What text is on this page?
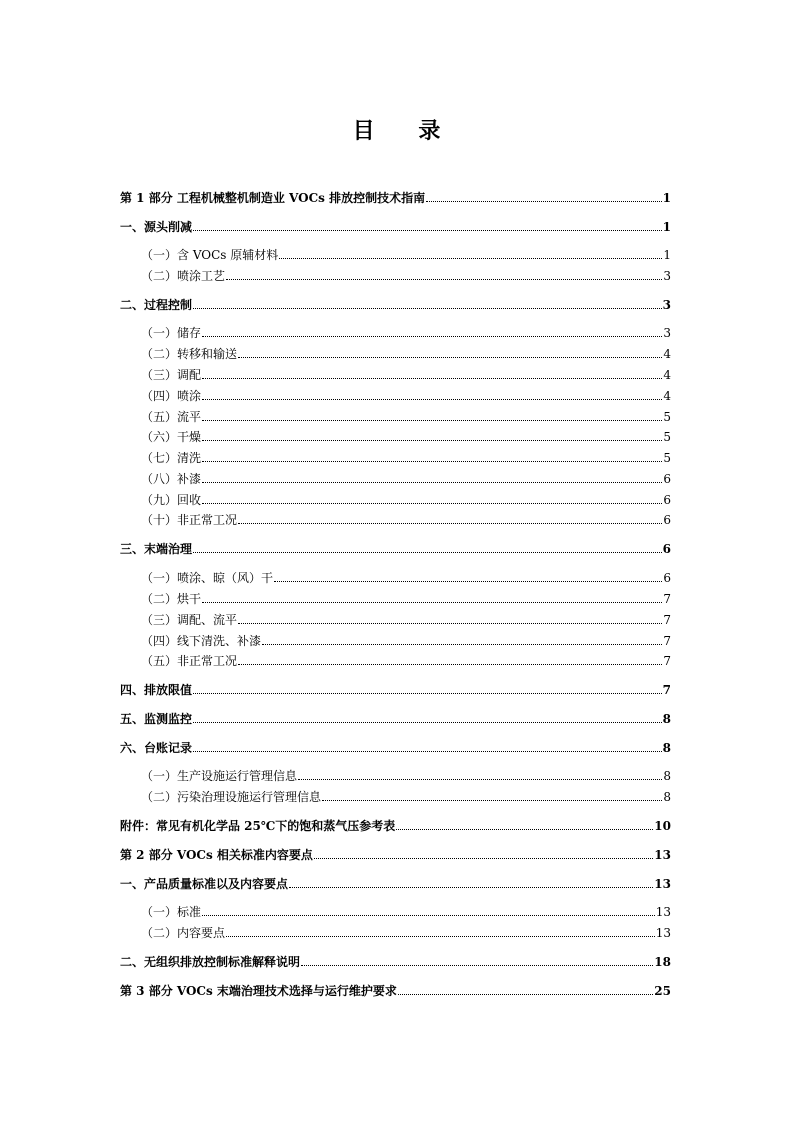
目 录
第 1 部分 工程机械整机制造业 VOCs 排放控制技术指南	1
一、源头削减	1
（一）含 VOCs 原辅材料	1
（二）喷涂工艺	3
二、过程控制	3
（一）储存	3
（二）转移和输送	4
（三）调配	4
（四）喷涂	4
（五）流平	5
（六）干燥	5
（七）清洗	5
（八）补漆	6
（九）回收	6
（十）非正常工况	6
三、末端治理	6
（一）喷涂、晾（风）干	6
（二）烘干	7
（三）调配、流平	7
（四）线下清洗、补漆	7
（五）非正常工况	7
四、排放限值	7
五、监测监控	8
六、台账记录	8
（一）生产设施运行管理信息	8
（二）污染治理设施运行管理信息	8
附件：常见有机化学品 25℃下的饱和蒸气压参考表	10
第 2 部分 VOCs 相关标准内容要点	13
一、产品质量标准以及内容要点	13
（一）标准	13
（二）内容要点	13
二、无组织排放控制标准解释说明	18
第 3 部分 VOCs 末端治理技术选择与运行维护要求	25
